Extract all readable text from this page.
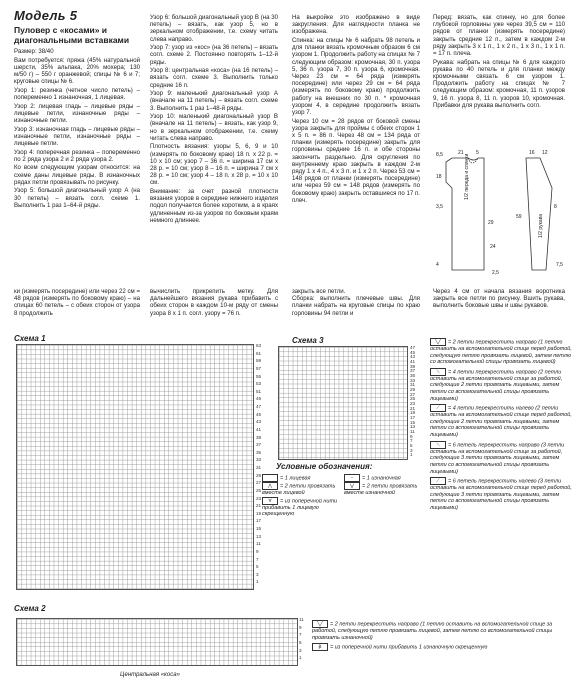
Модель 5
Пуловер с «косами» и диагональными вставками

Размер: 38/40

Вам потребуется: пряжа (45% натуральной шерсти, 35% альпака, 20% мохера; 130 м/50 г) – 550 г оранжевой; спицы № 6 и 7; круговые спицы № 6.

Узор 1: резинка (четное число петель) – попеременно 1 изнаночная, 1 лицевая.

Узор 2: лицевая гладь – лицевые ряды – лицевые петли, изнаночные ряды – изнаночные петли.

Узор 3: изнаночная гладь – лицевые ряды – изнаночные петли, изнаночные ряды – лицевые петли.

Узор 4: поперечная резинка – попеременно по 2 ряда узора 2 и 2 ряда узора 2.

Ко всем следующим узорам относится: на схеме даны лицевые ряды. В изнаночных рядах петли провязывать по рисунку.

Узор 5: большой диагональный узор А (на 30 петель) – вязать согл. схеме 1. Выполнить 1 раз 1–64-й ряды.

Узор 6: большой диагональный узор В (на 30 петель) – вязать, как узор 5, но в зеркальном отображении, т.е. схему читать слева направо.

Узор 7: узор из «кос» (на 36 петель) – вязать согл. схеме 2. Постоянно повторять 1–12-й ряды.

Узор 8: центральная «коса» (на 16 петель) – вязать согл. схеме 3. Выполнить только средние 16 п.

Узор 9: маленький диагональный узор А (вначале на 11 петель) – вязать согл. схеме 3. Выполнить 1 раз 1–48-й ряды.

Узор 10: маленький диагональный узор В (вначале на 11 петель) – вязать, как узор 9, но в зеркальном отображении, т.е. схему читать слева направо.

Плотность вязания: узоры 5, 6, 9 и 10 (измерять по боковому краю) 18 п. x 22 р. = 10 х 10 см; узор 7 – 36 п. = ширина 17 см х 28 р. = 10 см; узор 8 – 16 п. = ширина 7 см x 28 р. = 10 см; узор 4 – 18 п. x 28 р. = 10 х 10 см.

Внимание: за счет разной плотности вязания узоров в середине нижнего изделия подол получается более коротким, а в краях удлиненным из-за узоров по боковым краям немного длиннее.

На выкройке это изображено в виде закругления. Для наглядности планка не изображена.

Спинка: на спицы № 6 набрать 98 петель и для планки вязать кромочным образом 6 см узором 1. Продолжить работу на спицах № 7 следующим образом: кромочная, 30 п. узора 5, 36 п. узора 7, 30 п. узора 6, кромочная. Через 23 см = 64 ряда (измерять посередине) или через 29 см = 64 ряда (измерять по боковому краю) продолжить работу на внешних по 30 п. * кромочная узором 4, в середине продолжить вязать узор 7.

Через 10 см = 28 рядов от боковой смены узора закрыть для проймы с обеих сторон 1 х 5 п. = 86 п. Через 48 см = 134 ряда от планки (измерять посередине) закрыть для горловины средние 16 п. и обе стороны закончить раздельно. Для скругления по внутреннему краю закрыть в каждом 2-м ряду 1 х 4 п., 4 х 3 п. и 1 х 2 п. Через 53 см = 148 рядов от планки (измерять посередине) или через 59 см = 148 рядов (измерять по боковому краю) закрыть оставшиеся по 17 п. плеч.

Перед: вязать, как спинку, но для более глубокой горловины уже через 39,5 см = 110 рядов от планки (измерять посередине) закрыть средние 12 п., затем в каждом 2-м ряду закрыть 3 х 1 п., 1 х 2 п., 1 х 3 п., 1 х 1 п. = 17 п. плеча.

Рукава: набрать на спицы № 6 для каждого рукава по 40 петель и для планки между кромочными связать 6 см узором 1. Продолжить работу на спицах № 7 следующим образом: кромочная, 11 п. узоров 9, 16 п. узора 8, 11 п. узоров 10, кромочная. Прибавки для рукава выполнить согл.

8,5	21 5	16 12
18	1/2 переда и спинки
29	1/2 рукава
3,5
24
59
8
4
2,5
7,5
ки (измерять посередине) или через 22 см = 48 рядов (измерять по боковому краю) – на спицах 60 петель – с обеих сторон от узора 8 продолжить
вычислить прикрепить метку. Для дальнейшего вязания рукава прибавить с обеих сторон в каждом 10-м ряду от смены узора 8 х 1 п. согл. узору = 76 п.
закрыть все петли.
Сборка: выполнить плечевые швы. Для планки набрать на круговые спицы по краю горловины 94 петли и
Через 4 см от начала вязания воротника закрыть все петли по рисунку. Вшить рукава, выполнить боковые швы и швы рукавов.
Схема 1
63
61
59
57
55
53
51
49
47
45
43
41
39
37
35
33
31
29
27
25
23
21
19
17
15
13
11
9
7
5
3
1
Схема 3
47
45
43
41
39
37
35
33
31
29
27
25
23
21
19
17
15
13
11
9
7
5
3
1
Условные обозначения:
= 1 лицевая
⋀ = 2 петли провязать вместе лицевой
∀ = из поперечной нити прибавить 1 лицевую скрещенную
– = 1 изнаночная
⋁ = 2 петли провязать вместе изнаночной
╲╱ = 2 петли перекрестить направо (1 петлю оставить на вспомогательной спице перед работой, следующую петлю провязать лицевой, затем петлю со вспомогательной спицы провязать лицевой)
⟍ = 4 петли перекрестить направо (2 петли оставить на вспомогательной спице за работой, следующие 2 петли провязать лицевыми, затем петли со вспомогательной спицы провязать лицевыми)
⟋ = 4 петли перекрестить налево (2 петли оставить на вспомогательной спице перед работой, следующие 2 петли провязать лицевыми, затем петли со вспомогательной спицы провязать лицевыми)
⟍ = 6 петель перекрестить направо (3 петли оставить на вспомогательной спице за работой, следующие 3 петли провязать лицевыми, затем петли со вспомогательной спицы провязать лицевыми)
⟋ = 6 петель перекрестить налево (3 петли оставить на вспомогательной спице перед работой, следующие 3 петли провязать лицевыми, затем петли со вспомогательной спицы провязать лицевыми)
Схема 2
11
9
7
5
3
1
Центральная «коса»
╲╱ = 2 петли перекрестить направо (1 петлю оставить на вспомогательной спице за работой, следующую петлю провязать лицевой, затем петлю со вспомогательной спицы провязать изнаночной)
Ꞵ = из поперечной нити прибавить 1 изнаночную скрещенную
